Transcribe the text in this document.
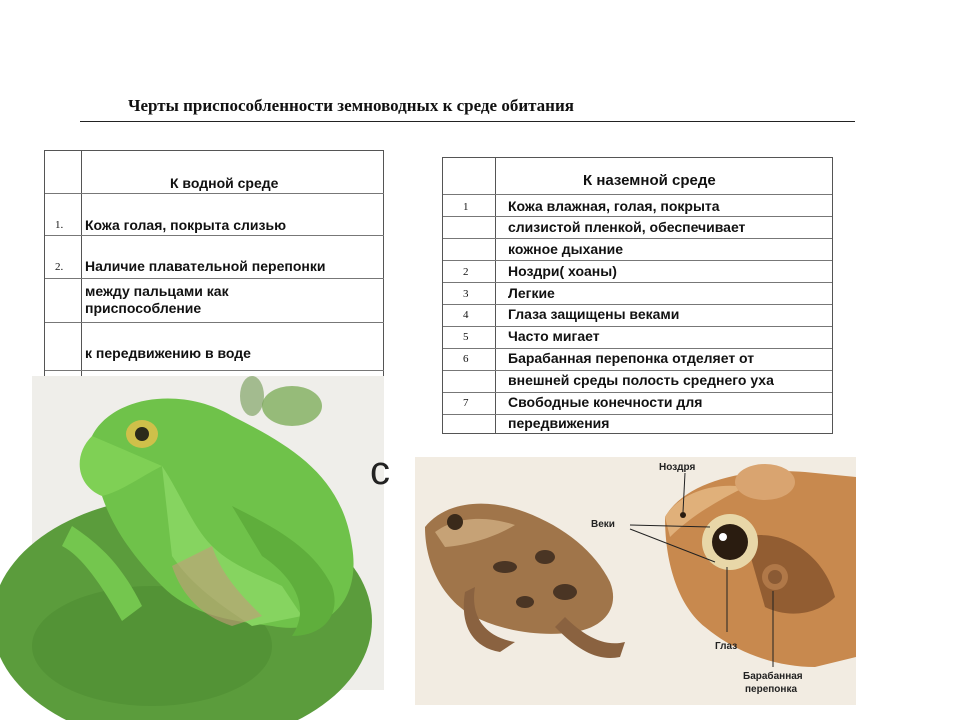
Черты приспособленности земноводных к среде обитания
К водной среде
1. Кожа голая, покрыта слизью
2. Наличие плавательной перепонки
между пальцами как приспособление
к передвижению в воде
К наземной среде
1	Кожа влажная, голая, покрыта
слизистой пленкой, обеспечивает
кожное дыхание
2	Ноздри( хоаны)
3	Легкие
4	Глаза защищены веками
5	Часто мигает
6	Барабанная перепонка отделяет от
внешней среды полость среднего уха
7	Свободные конечности для
передвижения
c	Ноздря
Веки
Глаз
Барабанная
перепонка
